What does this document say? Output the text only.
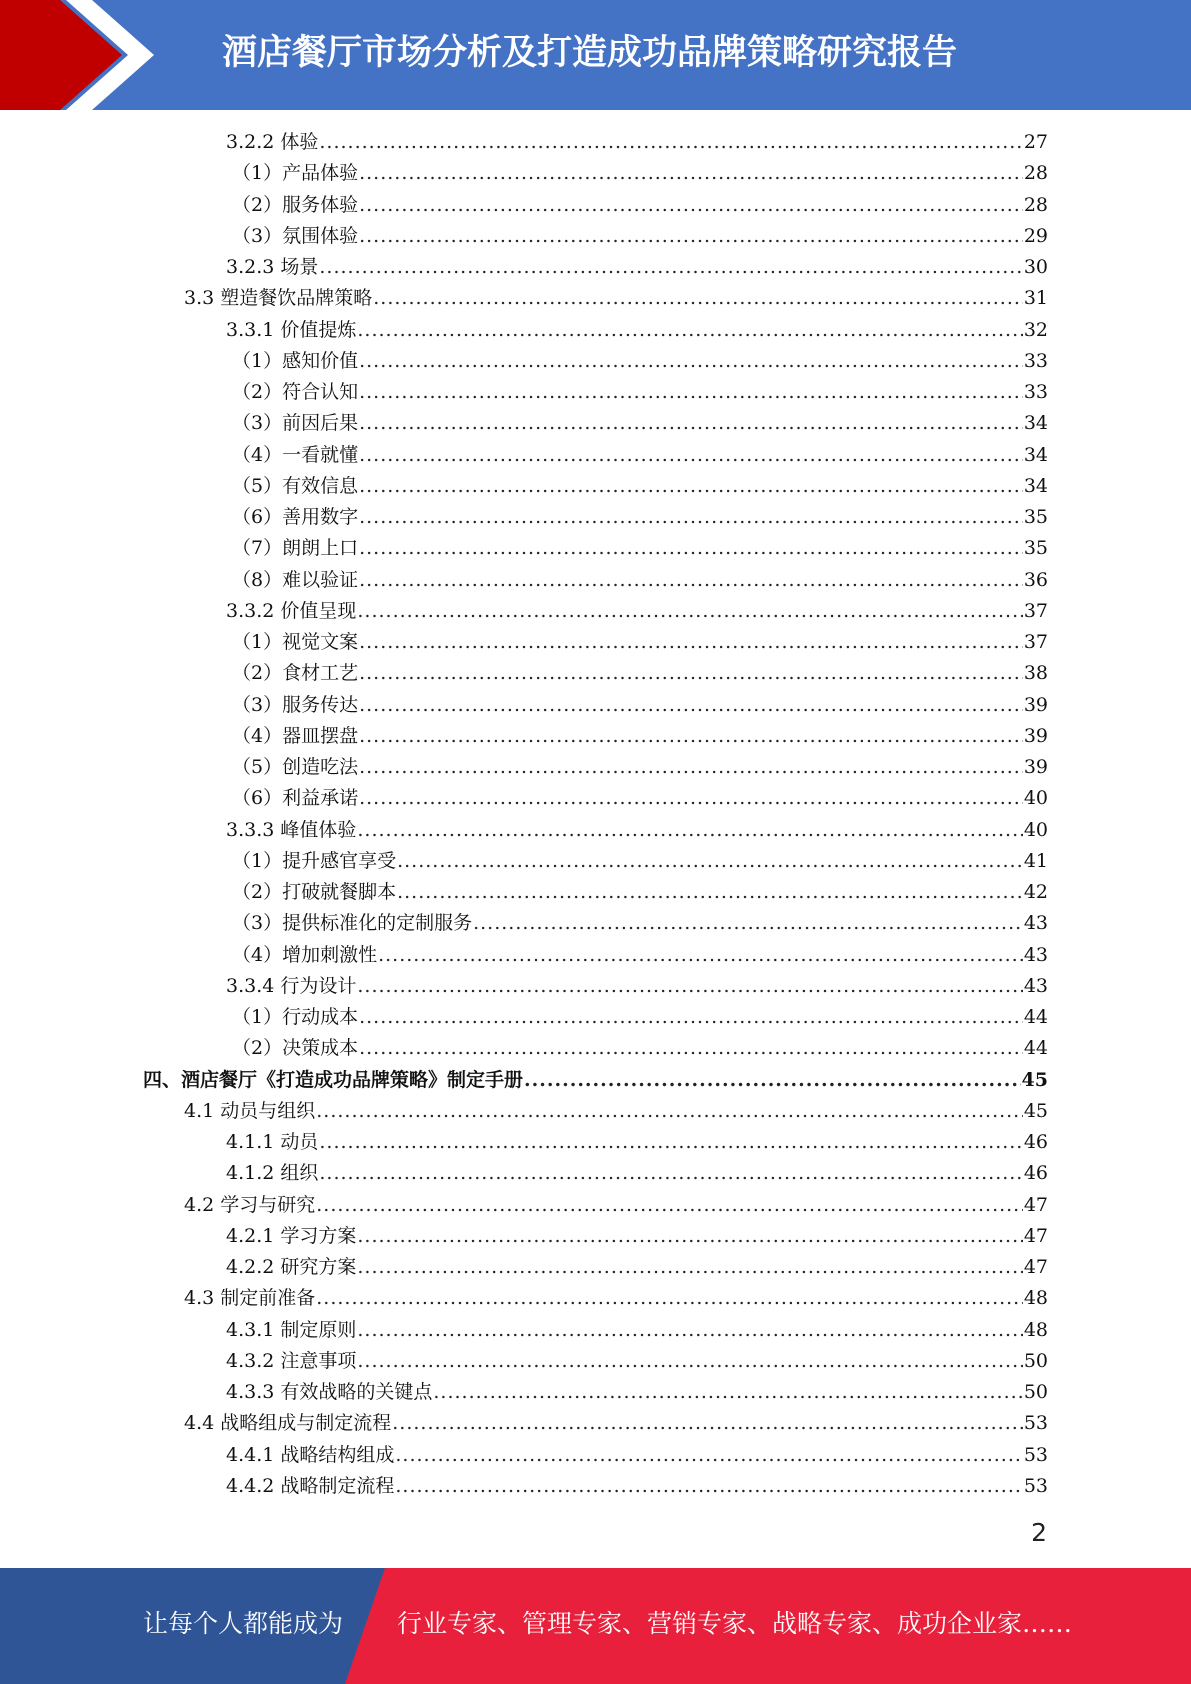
酒店餐厅市场分析及打造成功品牌策略研究报告
3.2.2 体验 .....	27
（1）产品体验 .....	28
（2）服务体验 .....	28
（3）氛围体验 .....	29
3.2.3 场景 .....	30
3.3 塑造餐饮品牌策略 .....	31
3.3.1 价值提炼 .....	32
（1）感知价值 .....	33
（2）符合认知 .....	33
（3）前因后果 .....	34
（4）一看就懂 .....	34
（5）有效信息 .....	34
（6）善用数字 .....	35
（7）朗朗上口 .....	35
（8）难以验证 .....	36
3.3.2 价值呈现 .....	37
（1）视觉文案 .....	37
（2）食材工艺 .....	38
（3）服务传达 .....	39
（4）器皿摆盘 .....	39
（5）创造吃法 .....	39
（6）利益承诺 .....	40
3.3.3 峰值体验 .....	40
（1）提升感官享受 .....	41
（2）打破就餐脚本 .....	42
（3）提供标准化的定制服务 .....	43
（4）增加刺激性 .....	43
3.3.4 行为设计 .....	43
（1）行动成本 .....	44
（2）决策成本 .....	44
四、酒店餐厅《打造成功品牌策略》制定手册 .....	45
4.1 动员与组织 .....	45
4.1.1 动员 .....	46
4.1.2 组织 .....	46
4.2 学习与研究 .....	47
4.2.1 学习方案 .....	47
4.2.2 研究方案 .....	47
4.3 制定前准备 .....	48
4.3.1 制定原则 .....	48
4.3.2 注意事项 .....	50
4.3.3 有效战略的关键点 .....	50
4.4 战略组成与制定流程 .....	53
4.4.1 战略结构组成 .....	53
4.4.2 战略制定流程 .....	53
2
让每个人都能成为 行业专家、管理专家、营销专家、战略专家、成功企业家……
